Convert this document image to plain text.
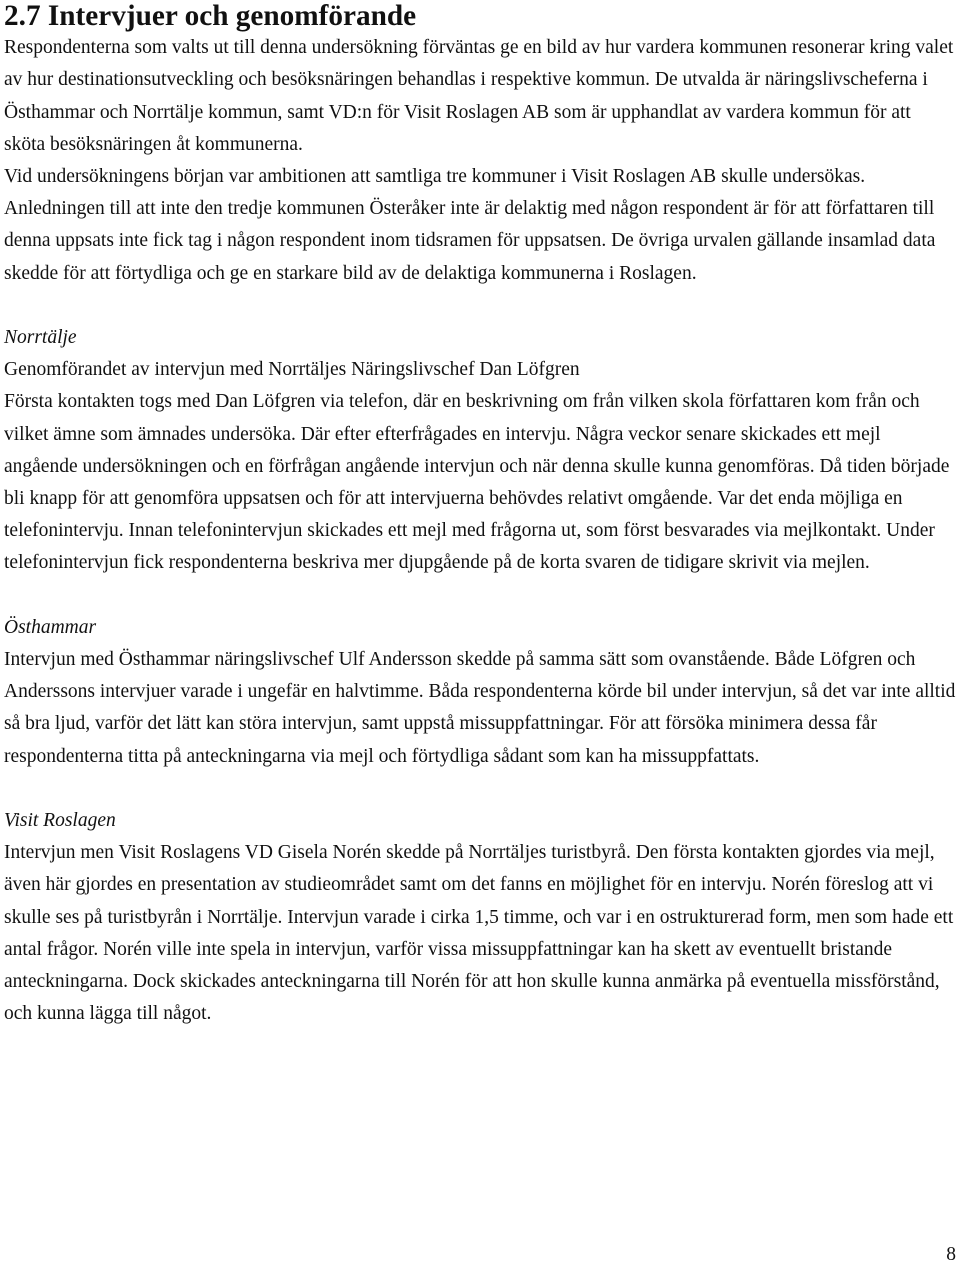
2.7 Intervjuer och genomförande

Respondenterna som valts ut till denna undersökning förväntas ge en bild av hur vardera kommunen resonerar kring valet av hur destinationsutveckling och besöksnäringen behandlas i respektive kommun. De utvalda är näringslivscheferna i Östhammar och Norrtälje kommun, samt VD:n för Visit Roslagen AB som är upphandlat av vardera kommun för att sköta besöksnäringen åt kommunerna.

Vid undersökningens början var ambitionen att samtliga tre kommuner i Visit Roslagen AB skulle undersökas. Anledningen till att inte den tredje kommunen Österåker inte är delaktig med någon respondent är för att författaren till denna uppsats inte fick tag i någon respondent inom tidsramen för uppsatsen. De övriga urvalen gällande insamlad data skedde för att förtydliga och ge en starkare bild av de delaktiga kommunerna i Roslagen.

Norrtälje

Genomförandet av intervjun med Norrtäljes Näringslivschef Dan Löfgren

Första kontakten togs med Dan Löfgren via telefon, där en beskrivning om från vilken skola författaren kom från och vilket ämne som ämnades undersöka. Där efter efterfrågades en intervju. Några veckor senare skickades ett mejl angående undersökningen och en förfrågan angående intervjun och när denna skulle kunna genomföras. Då tiden började bli knapp för att genomföra uppsatsen och för att intervjuerna behövdes relativt omgående. Var det enda möjliga en telefonintervju. Innan telefonintervjun skickades ett mejl med frågorna ut, som först besvarades via mejlkontakt. Under telefonintervjun fick respondenterna beskriva mer djupgående på de korta svaren de tidigare skrivit via mejlen.

Östhammar

Intervjun med Östhammar näringslivschef Ulf Andersson skedde på samma sätt som ovanstående. Både Löfgren och Anderssons intervjuer varade i ungefär en halvtimme. Båda respondenterna körde bil under intervjun, så det var inte alltid så bra ljud, varför det lätt kan störa intervjun, samt uppstå missuppfattningar. För att försöka minimera dessa får respondenterna titta på anteckningarna via mejl och förtydliga sådant som kan ha missuppfattats.

Visit Roslagen

Intervjun men Visit Roslagens VD Gisela Norén skedde på Norrtäljes turistbyrå. Den första kontakten gjordes via mejl, även här gjordes en presentation av studieområdet samt om det fanns en möjlighet för en intervju. Norén föreslog att vi skulle ses på turistbyrån i Norrtälje. Intervjun varade i cirka 1,5 timme, och var i en ostrukturerad form, men som hade ett antal frågor. Norén ville inte spela in intervjun, varför vissa missuppfattningar kan ha skett av eventuellt bristande anteckningarna. Dock skickades anteckningarna till Norén för att hon skulle kunna anmärka på eventuella missförstånd, och kunna lägga till något.

8
